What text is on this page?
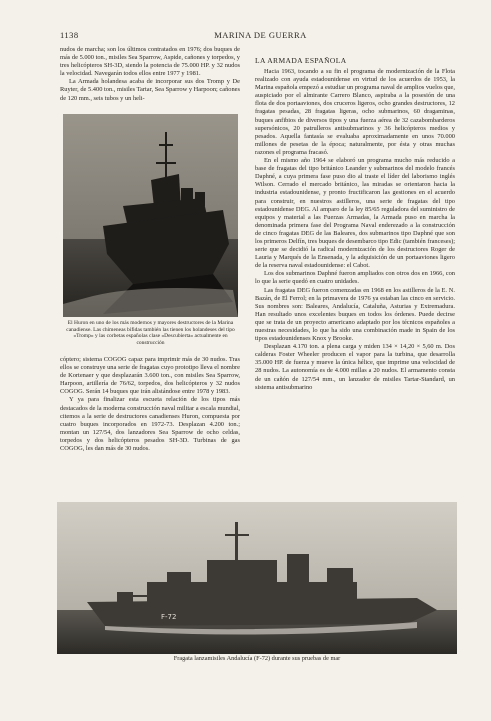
1138	MARINA DE GUERRA
LA ARMADA ESPAÑOLA

nudos de marcha; son los últimos contratados en 1976; dos buques de más de 5.000 ton., misiles Sea Sparrow, Aspide, cañones y torpedos, y tres helicópteros SH-3D, siendo la potencia de 75.000 HP. y 32 nudos la velocidad. Navegarán todos ellos entre 1977 y 1981.

La Armada holandesa acaba de incorporar sus dos Tromp y De Ruyter, de 5.400 ton., misiles Tartar, Sea Sparrow y Harpoon; cañones de 120 mm., seis tubos y un heli-

El Huron en uno de los más modernos y mayores destructores de la Marina canadiense. Las chimeneas bífidas también las tienen los holandeses del tipo «Tromp» y las corbetas españolas clase «Descubierta» actualmente en construcción

cóptero; sistema COGOG capaz para imprimir más de 30 nudos. Tras ellos se construye una serie de fragatas cuyo prototipo lleva el nombre de Kortenaer y que desplazarán 3.600 ton., con misiles Sea Sparrow, Harpoon, artillería de 76/62, torpedos, dos helicópteros y 32 nudos COGOG. Serán 14 buques que irán alistándose entre 1978 y 1983.

Y ya para finalizar esta escueta relación de los tipos más destacados de la moderna construcción naval militar a escala mundial, citemos a la serie de destructores canadienses Huron, compuesta por cuatro buques incorporados en 1972-73. Desplazan 4.200 ton.; montan un 127/54, dos lanzadores Sea Sparrow de ocho celdas, torpedos y dos helicópteros pesados SH-3D. Turbinas de gas COGOG, les dan más de 30 nudos.

Hacia 1963, tocando a su fin el programa de modernización de la Flota realizado con ayuda estadounidense en virtud de los acuerdos de 1953, la Marina española empezó a estudiar un programa naval de amplios vuelos que, auspiciado por el almirante Carrero Blanco, aspiraba a la posesión de una flota de dos portaaviones, dos cruceros ligeros, ocho grandes destructores, 12 fragatas pesadas, 28 fragatas ligeras, ocho submarinos, 60 dragaminas, buques anfibios de diversos tipos y una fuerza aérea de 32 cazabombarderos supersónicos, 20 patrulleros antisubmarinos y 36 helicópteros medios y pesados. Aquella fantasía se evaluaba aproximadamente en unos 70.000 millones de pesetas de la época; naturalmente, por ésta y otras muchas razones el programa fracasó.

En el mismo año 1964 se elaboró un programa mucho más reducido a base de fragatas del tipo británico Leander y submarinos del modelo francés Daphné, a cuya primera fase puso dio al traste el líder del laborismo inglés Wilson. Cerrado el mercado británico, las miradas se orientaron hacia la industria estadounidense, y pronto fructificaron las gestiones en el acuerdo para construir, en nuestros astilleros, una serie de fragatas del tipo estadounidense DEG. Al amparo de la ley 85/65 reguladora del suministro de equipos y material a las Fuerzas Armadas, la Armada puso en marcha la denominada primera fase del Programa Naval enderezado a la construcción de cinco fragatas DEG de las Baleares, dos submarinos tipo Daphné que son los primeros Delfín, tres buques de desembarco tipo Edic (también franceses); serie que se decidió la radical modernización de los destructores Roger de Lauria y Marqués de la Ensenada, y la adquisición de un portaaviones ligero de la reserva naval estadounidense: el Cabot.

Los dos submarinos Daphné fueron ampliados con otros dos en 1966, con lo que la serie quedó en cuatro unidades.

Las fragatas DEG fueron comenzadas en 1968 en los astilleros de la E. N. Bazán, de El Ferrol; en la primavera de 1976 ya estaban las cinco en servicio. Sus nombres son: Baleares, Andalucía, Cataluña, Asturias y Extremadura. Han resultado unos excelentes buques en todos los órdenes. Puede decirse que se trata de un proyecto americano adaptado por los técnicos españoles a nuestras necesidades, lo que ha sido una combinación made in Spain de los tipos estadounidenses Knox y Brooke.

Desplazan 4.170 ton. a plena carga y miden 134 × 14,20 × 5,60 m. Dos calderas Foster Wheeler producen el vapor para la turbina, que desarrolla 35.000 HP. de fuerza y mueve la única hélice, que imprime una velocidad de 28 nudos. La autonomía es de 4.000 millas a 20 nudos. El armamento consta de un cañón de 127/54 mm., un lanzador de misiles Tartar-Standard, un sistema antisubmarino

F-72
Fragata lanzamisiles Andalucía (F-72) durante sus pruebas de mar
